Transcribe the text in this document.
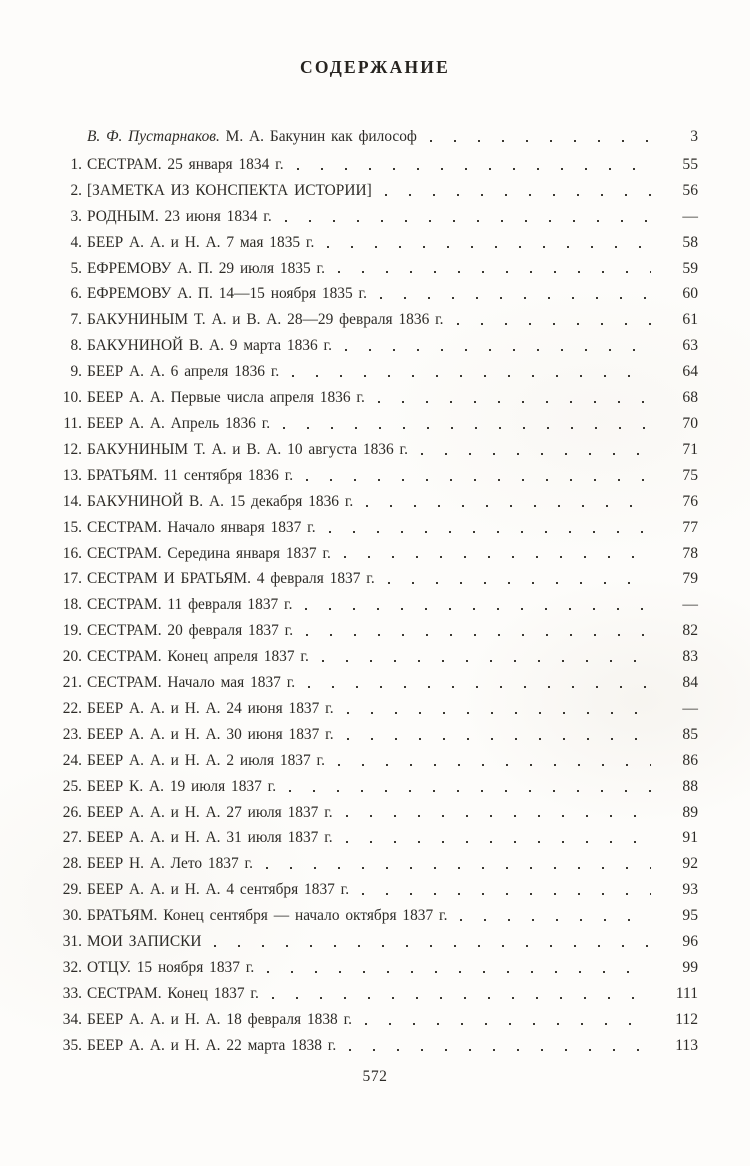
СОДЕРЖАНИЕ
В. Ф. Пустарнаков. М. А. Бакунин как философ	3
1. СЕСТРАМ. 25 января 1834 г.	55
2. [ЗАМЕТКА ИЗ КОНСПЕКТА ИСТОРИИ]	56
3. РОДНЫМ. 23 июня 1834 г.	—
4. БЕЕР А. А. и Н. А. 7 мая 1835 г.	58
5. ЕФРЕМОВУ А. П. 29 июля 1835 г.	59
6. ЕФРЕМОВУ А. П. 14—15 ноября 1835 г.	60
7. БАКУНИНЫМ Т. А. и В. А. 28—29 февраля 1836 г.	61
8. БАКУНИНОЙ В. А. 9 марта 1836 г.	63
9. БЕЕР А. А. 6 апреля 1836 г.	64
10. БЕЕР А. А. Первые числа апреля 1836 г.	68
11. БЕЕР А. А. Апрель 1836 г.	70
12. БАКУНИНЫМ Т. А. и В. А. 10 августа 1836 г.	71
13. БРАТЬЯМ. 11 сентября 1836 г.	75
14. БАКУНИНОЙ В. А. 15 декабря 1836 г.	76
15. СЕСТРАМ. Начало января 1837 г.	77
16. СЕСТРАМ. Середина января 1837 г.	78
17. СЕСТРАМ И БРАТЬЯМ. 4 февраля 1837 г.	79
18. СЕСТРАМ. 11 февраля 1837 г.	—
19. СЕСТРАМ. 20 февраля 1837 г.	82
20. СЕСТРАМ. Конец апреля 1837 г.	83
21. СЕСТРАМ. Начало мая 1837 г.	84
22. БЕЕР А. А. и Н. А. 24 июня 1837 г.	—
23. БЕЕР А. А. и Н. А. 30 июня 1837 г.	85
24. БЕЕР А. А. и Н. А. 2 июля 1837 г.	86
25. БЕЕР К. А. 19 июля 1837 г.	88
26. БЕЕР А. А. и Н. А. 27 июля 1837 г.	89
27. БЕЕР А. А. и Н. А. 31 июля 1837 г.	91
28. БЕЕР Н. А. Лето 1837 г.	92
29. БЕЕР А. А. и Н. А. 4 сентября 1837 г.	93
30. БРАТЬЯМ. Конец сентября — начало октября 1837 г.	95
31. МОИ ЗАПИСКИ	96
32. ОТЦУ. 15 ноября 1837 г.	99
33. СЕСТРАМ. Конец 1837 г.	111
34. БЕЕР А. А. и Н. А. 18 февраля 1838 г.	112
35. БЕЕР А. А. и Н. А. 22 марта 1838 г.	113
572
